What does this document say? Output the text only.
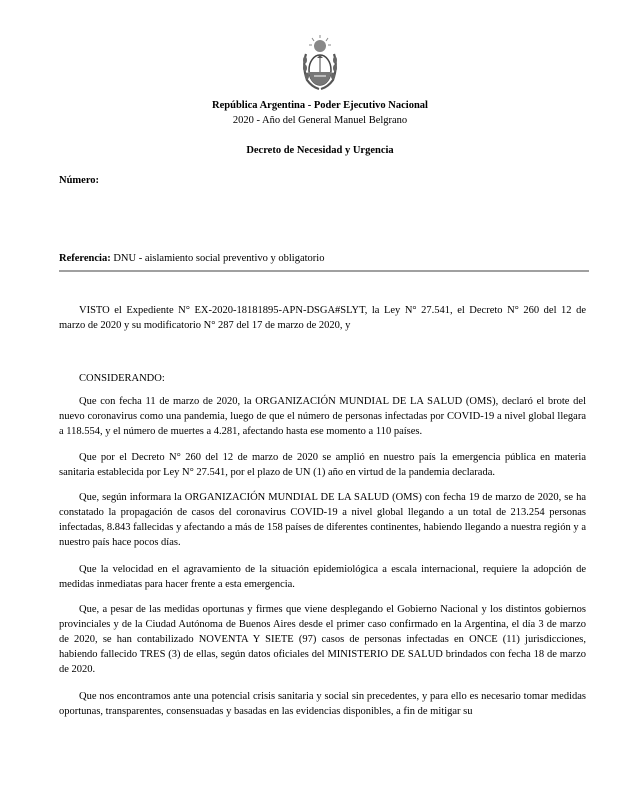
República Argentina - Poder Ejecutivo Nacional
2020 - Año del General Manuel Belgrano
Decreto de Necesidad y Urgencia
Número:
Referencia: DNU - aislamiento social preventivo y obligatorio

VISTO el Expediente N° EX-2020-18181895-APN-DSGA#SLYT, la Ley N° 27.541, el Decreto N° 260 del 12 de marzo de 2020 y su modificatorio N° 287 del 17 de marzo de 2020, y

CONSIDERANDO:

Que con fecha 11 de marzo de 2020, la ORGANIZACIÓN MUNDIAL DE LA SALUD (OMS), declaró el brote del nuevo coronavirus como una pandemia, luego de que el número de personas infectadas por COVID-19 a nivel global llegara a 118.554, y el número de muertes a 4.281, afectando hasta ese momento a 110 países.

Que por el Decreto N° 260 del 12 de marzo de 2020 se amplió en nuestro país la emergencia pública en materia sanitaria establecida por Ley N° 27.541, por el plazo de UN (1) año en virtud de la pandemia declarada.

Que, según informara la ORGANIZACIÓN MUNDIAL DE LA SALUD (OMS) con fecha 19 de marzo de 2020, se ha constatado la propagación de casos del coronavirus COVID-19 a nivel global llegando a un total de 213.254 personas infectadas, 8.843 fallecidas y afectando a más de 158 países de diferentes continentes, habiendo llegando a nuestra región y a nuestro país hace pocos días.

Que la velocidad en el agravamiento de la situación epidemiológica a escala internacional, requiere la adopción de medidas inmediatas para hacer frente a esta emergencia.

Que, a pesar de las medidas oportunas y firmes que viene desplegando el Gobierno Nacional y los distintos gobiernos provinciales y de la Ciudad Autónoma de Buenos Aires desde el primer caso confirmado en la Argentina, el día 3 de marzo de 2020, se han contabilizado NOVENTA Y SIETE (97) casos de personas infectadas en ONCE (11) jurisdicciones, habiendo fallecido TRES (3) de ellas, según datos oficiales del MINISTERIO DE SALUD brindados con fecha 18 de marzo de 2020.

Que nos encontramos ante una potencial crisis sanitaria y social sin precedentes, y para ello es necesario tomar medidas oportunas, transparentes, consensuadas y basadas en las evidencias disponibles, a fin de mitigar su
